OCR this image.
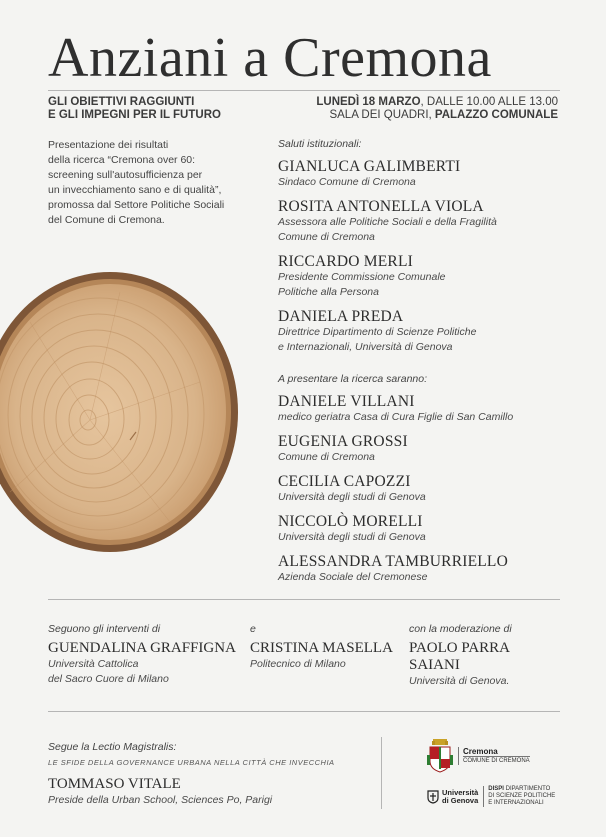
Anziani a Cremona
GLI OBIETTIVI RAGGIUNTI
E GLI IMPEGNI PER IL FUTURO
LUNEDÌ 18 MARZO, DALLE 10.00 ALLE 13.00
SALA DEI QUADRI, PALAZZO COMUNALE
Presentazione dei risultati
della ricerca “Cremona over 60:
screening sull'autosufficienza per
un invecchiamento sano e di qualità”,
promossa dal Settore Politiche Sociali
del Comune di Cremona.
Saluti istituzionali:
GIANLUCA GALIMBERTI
Sindaco Comune di Cremona
ROSITA ANTONELLA VIOLA
Assessora alle Politiche Sociali e della Fragilità
Comune di Cremona
RICCARDO MERLI
Presidente Commissione Comunale
Politiche alla Persona
DANIELA PREDA
Direttrice Dipartimento di Scienze Politiche
e Internazionali, Università di Genova
A presentare la ricerca saranno:
DANIELE VILLANI
medico geriatra Casa di Cura Figlie di San Camillo
EUGENIA GROSSI
Comune di Cremona
CECILIA CAPOZZI
Università degli studi di Genova
NICCOLÒ MORELLI
Università degli studi di Genova
ALESSANDRA TAMBURRIELLO
Azienda Sociale del Cremonese
Seguono gli interventi di
GUENDALINA GRAFFIGNA
Università Cattolica
del Sacro Cuore di Milano
e
CRISTINA MASELLA
Politecnico di Milano
con la moderazione di
PAOLO PARRA SAIANI
Università di Genova.
Segue la Lectio Magistralis:
LE SFIDE DELLA GOVERNANCE URBANA NELLA CITTÀ CHE INVECCHIA
TOMMASO VITALE
Preside della Urban School, Sciences Po, Parigi
Cremona
COMUNE DI CREMONA
Università
di Genova
DISPI DIPARTIMENTO
DI SCIENZE POLITICHE
E INTERNAZIONALI
